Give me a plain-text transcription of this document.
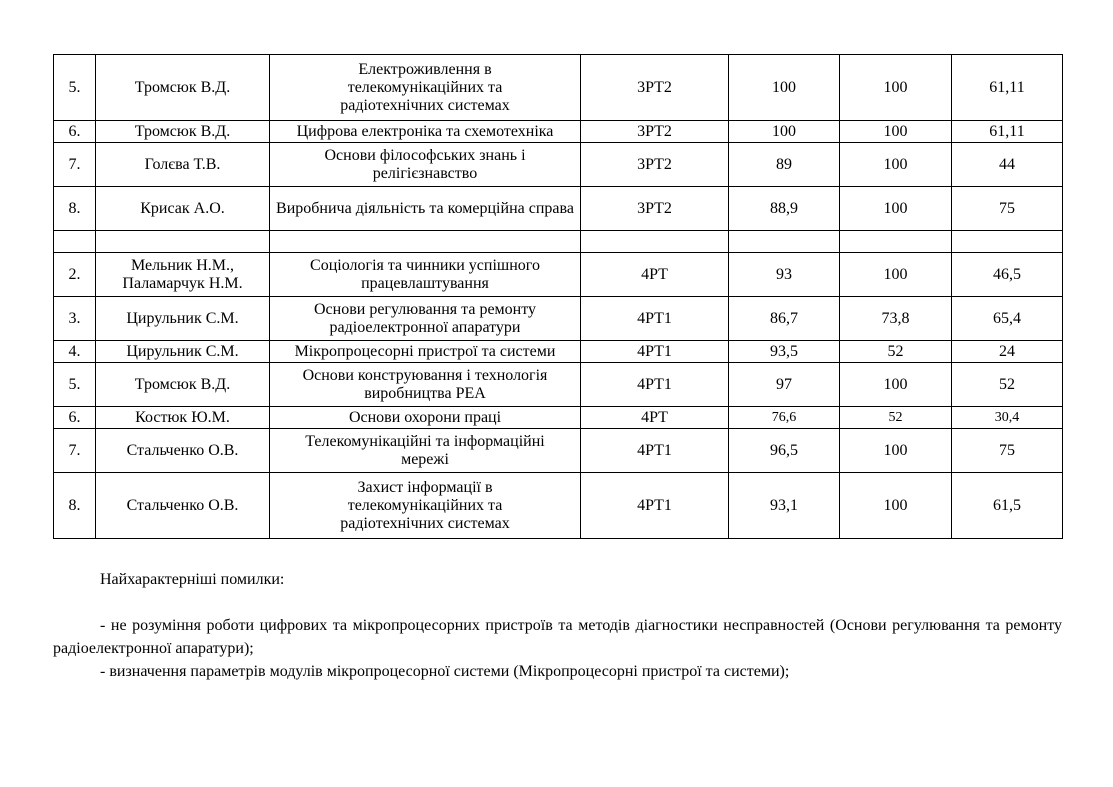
5.	Тромсюк В.Д.	Електроживлення в телекомунікаційних та радіотехнічних системах	3РТ2	100	100	61,11
6.	Тромсюк В.Д.	Цифрова електроніка та схемотехніка	3РТ2	100	100	61,11
7.	Голєва Т.В.	Основи філософських знань і релігієзнавство	3РТ2	89	100	44
8.	Крисак А.О.	Виробнича діяльність та комерційна справа	3РТ2	88,9	100	75

2.	Мельник Н.М., Паламарчук Н.М.	Соціологія та чинники успішного працевлаштування	4РТ	93	100	46,5
3.	Цирульник С.М.	Основи регулювання та ремонту радіоелектронної апаратури	4РТ1	86,7	73,8	65,4
4.	Цирульник С.М.	Мікропроцесорні пристрої та системи	4РТ1	93,5	52	24
5.	Тромсюк В.Д.	Основи конструювання і технологія виробництва РЕА	4РТ1	97	100	52
6.	Костюк Ю.М.	Основи охорони праці	4РТ	76,6	52	30,4
7.	Стальченко О.В.	Телекомунікаційні та інформаційні мережі	4РТ1	96,5	100	75
8.	Стальченко О.В.	Захист інформації в телекомунікаційних та радіотехнічних системах	4РТ1	93,1	100	61,5

Найхарактерніші помилки:

- не розуміння роботи цифрових та мікропроцесорних пристроїв та методів діагностики несправностей (Основи регулювання та ремонту радіоелектронної апаратури);

- визначення параметрів модулів мікропроцесорної системи (Мікропроцесорні пристрої та системи);
